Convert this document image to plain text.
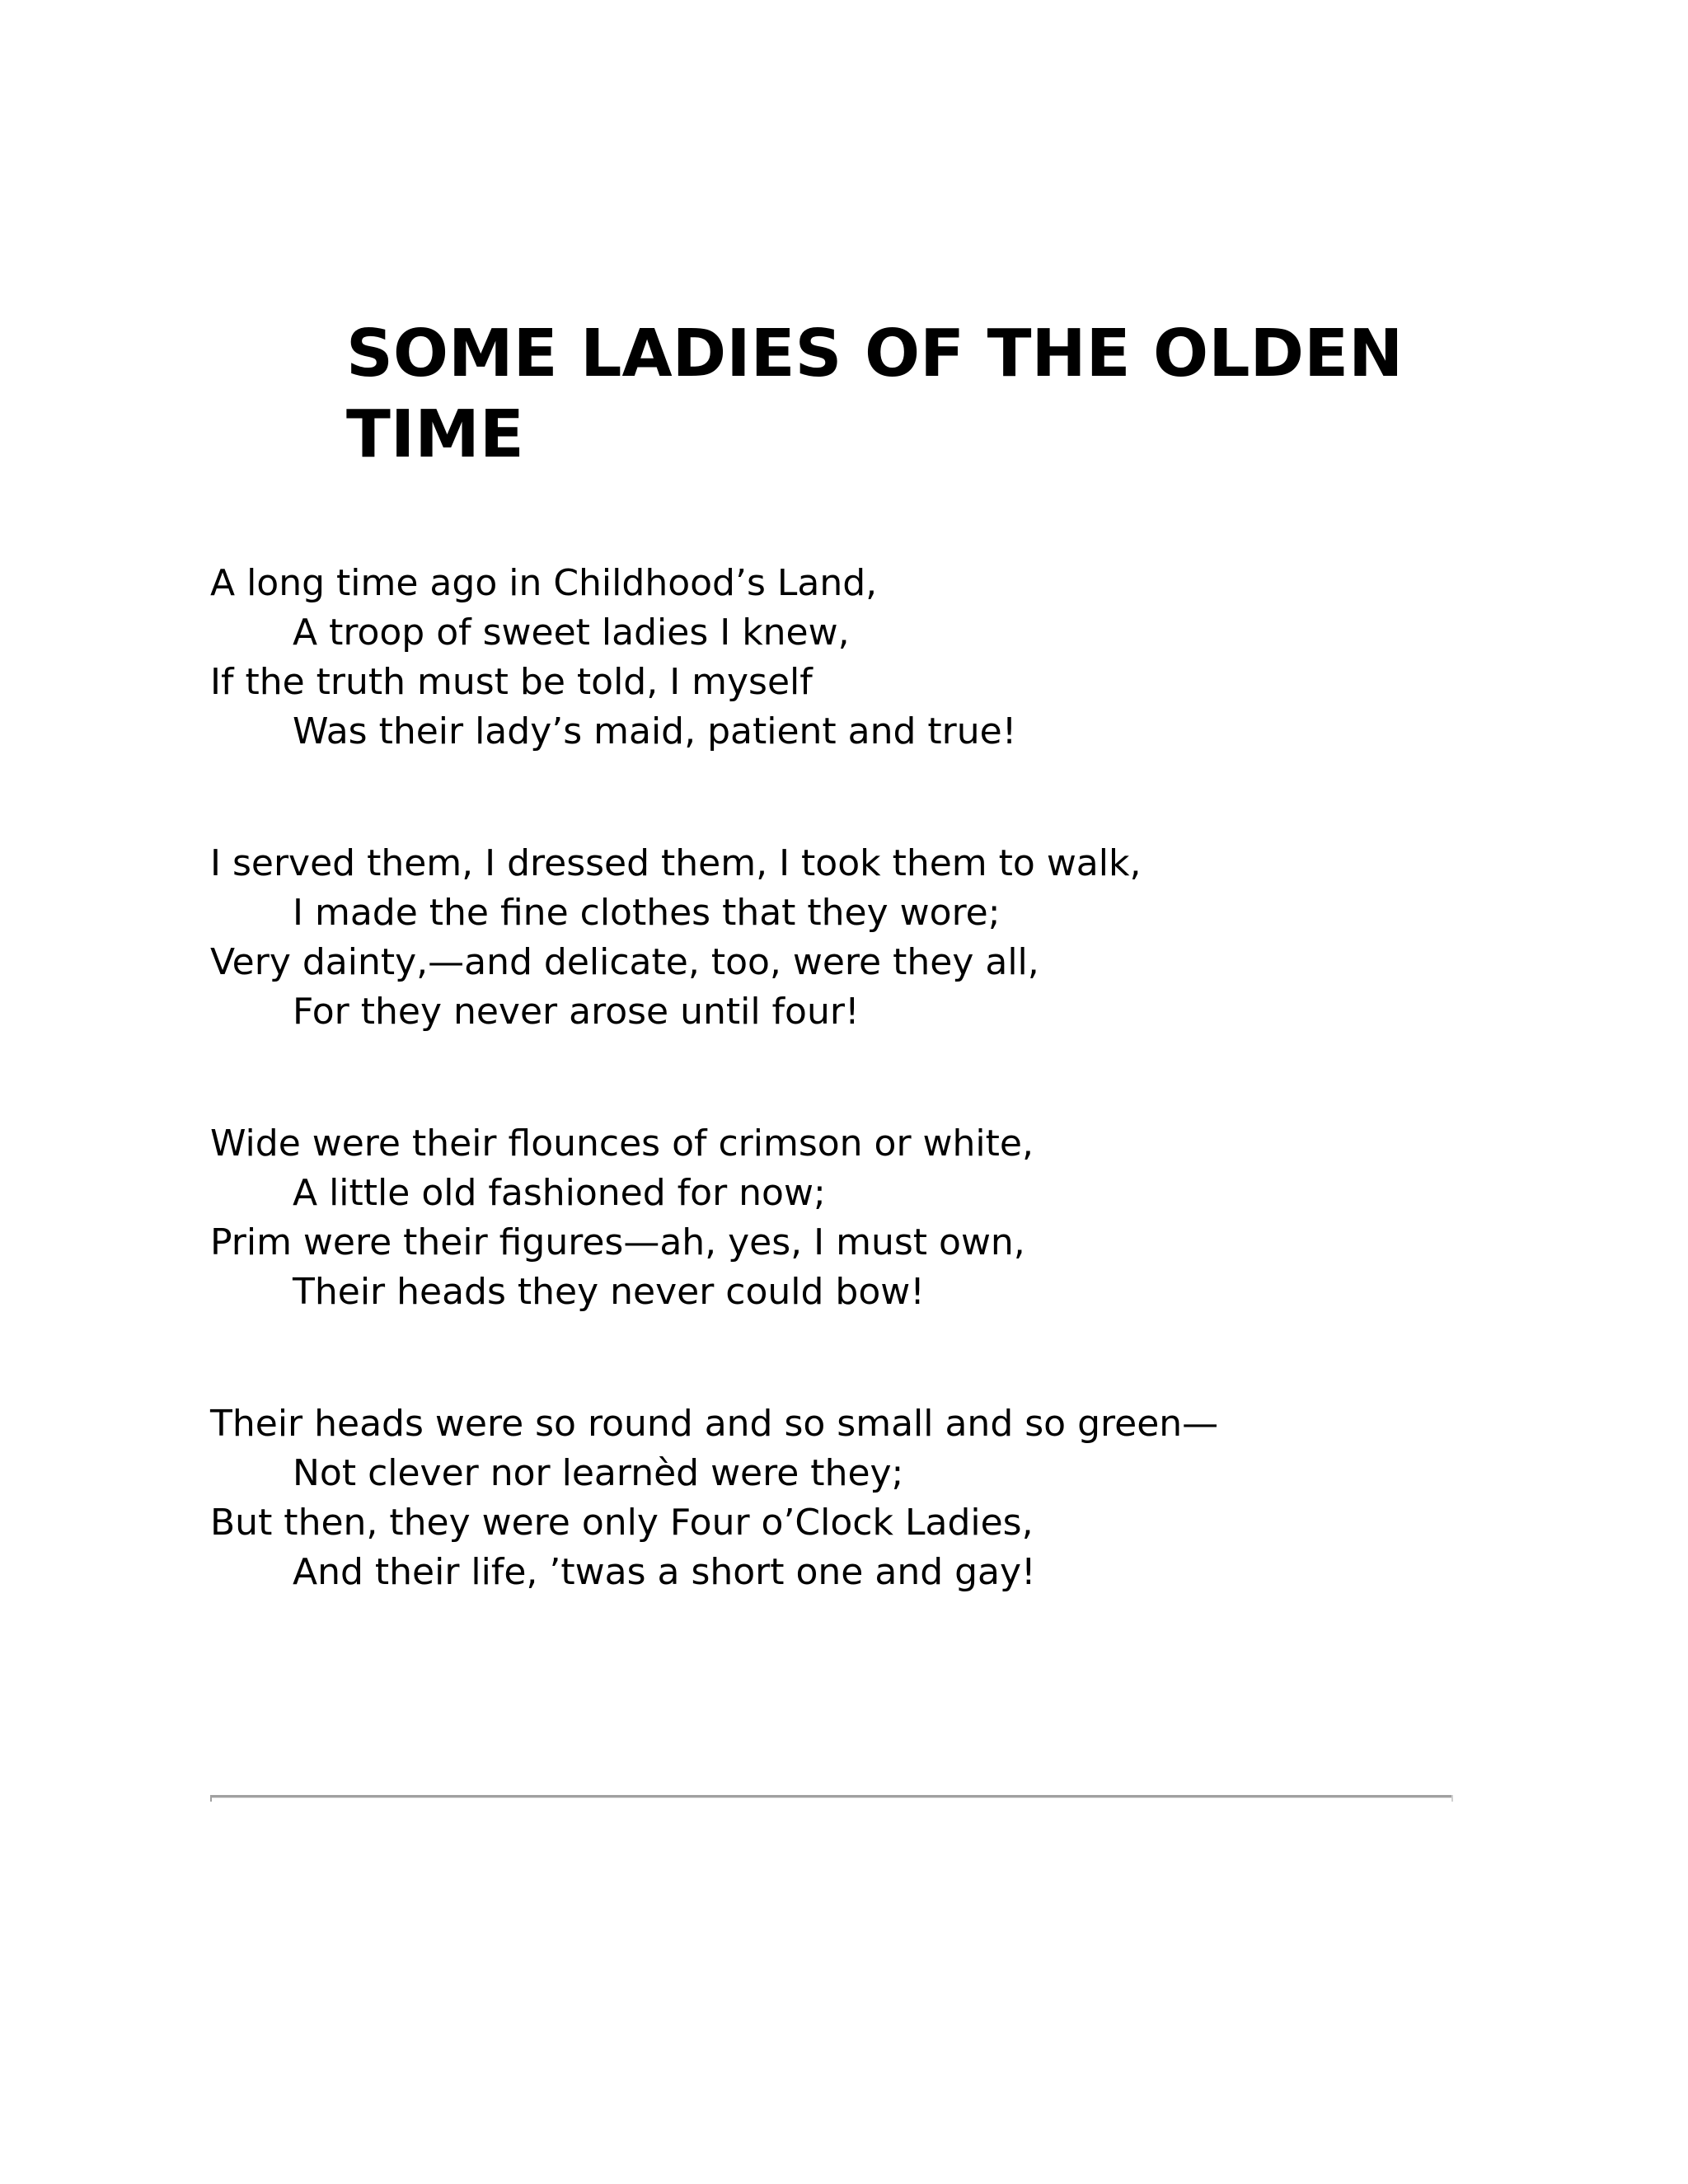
SOME LADIES OF THE OLDEN
TIME
A long time ago in Childhood’s Land,
A troop of sweet ladies I knew,
If the truth must be told, I myself
Was their lady’s maid, patient and true!
I served them, I dressed them, I took them to walk,
I made the fine clothes that they wore;
Very dainty,—and delicate, too, were they all,
For they never arose until four!
Wide were their flounces of crimson or white,
A little old fashioned for now;
Prim were their figures—ah, yes, I must own,
Their heads they never could bow!
Their heads were so round and so small and so green—
Not clever nor learnèd were they;
But then, they were only Four o’Clock Ladies,
And their life, ’twas a short one and gay!
